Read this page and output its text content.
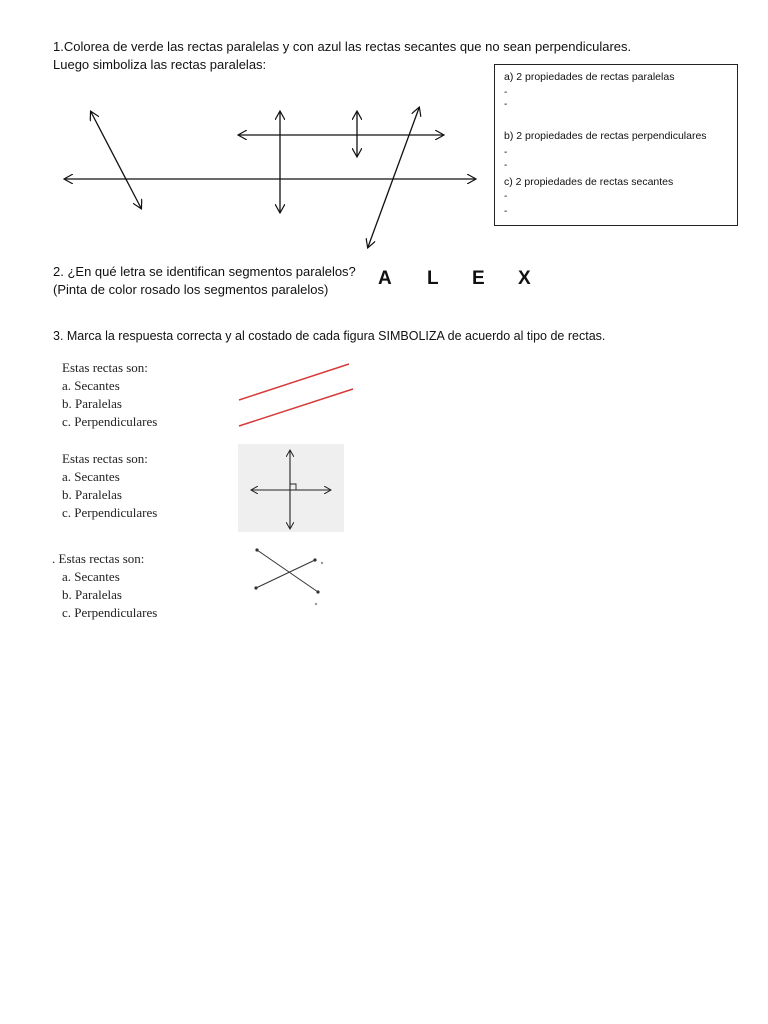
1.Colorea de verde las rectas paralelas y con azul las rectas secantes que no sean perpendiculares.
Luego simboliza las rectas paralelas:
a) 2 propiedades de rectas paralelas
-
-
b) 2 propiedades de rectas perpendiculares
-
-
c) 2 propiedades de rectas secantes
-
-
2. ¿En qué letra se identifican segmentos paralelos?
(Pinta de color rosado los segmentos paralelos)
A L E X
3. Marca la respuesta correcta y al costado de cada figura SIMBOLIZA de acuerdo al tipo de rectas.
Estas rectas son:
a. Secantes
b. Paralelas
c. Perpendiculares
Estas rectas son:
a. Secantes
b. Paralelas
c. Perpendiculares
. Estas rectas son:
a. Secantes
b. Paralelas
c. Perpendiculares
